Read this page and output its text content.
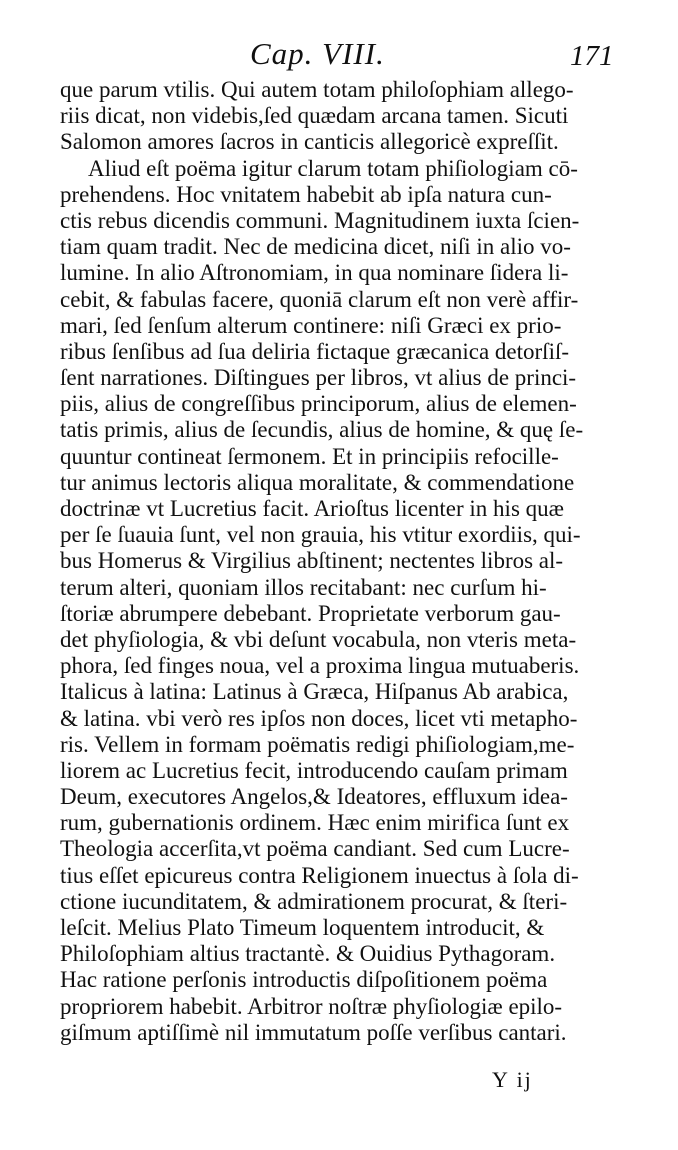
Cap. VIII.	171
que parum vtilis. Qui autem totam philoſophiam allego-
riis dicat, non videbis,ſed quædam arcana tamen. Sicuti
Salomon amores ſacros in canticis allegoricè expreſſit.
Aliud eſt poëma igitur clarum totam phiſiologiam cō-
prehendens. Hoc vnitatem habebit ab ipſa natura cun-
ctis rebus dicendis communi. Magnitudinem iuxta ſcien-
tiam quam tradit. Nec de medicina dicet, niſi in alio vo-
lumine. In alio Aſtronomiam, in qua nominare ſidera li-
cebit, & fabulas facere, quoniā clarum eſt non verè affir-
mari, ſed ſenſum alterum continere: niſi Græci ex prio-
ribus ſenſibus ad ſua deliria fictaque græcanica detorſiſ-
ſent narrationes. Diſtingues per libros, vt alius de princi-
piis, alius de congreſſibus principorum, alius de elemen-
tatis primis, alius de ſecundis, alius de homine, & quę ſe-
quuntur contineat ſermonem. Et in principiis refocille-
tur animus lectoris aliqua moralitate, & commendatione
doctrinæ vt Lucretius facit. Arioſtus licenter in his quæ
per ſe ſuauia ſunt, vel non grauia, his vtitur exordiis, qui-
bus Homerus & Virgilius abſtinent; nectentes libros al-
terum alteri, quoniam illos recitabant: nec curſum hi-
ſtoriæ abrumpere debebant. Proprietate verborum gau-
det phyſiologia, & vbi deſunt vocabula, non vteris meta-
phora, ſed finges noua, vel a proxima lingua mutuaberis.
Italicus à latina: Latinus à Græca, Hiſpanus Ab arabica,
& latina. vbi verò res ipſos non doces, licet vti metapho-
ris. Vellem in formam poëmatis redigi phiſiologiam,me-
liorem ac Lucretius fecit, introducendo cauſam primam
Deum, executores Angelos,& Ideatores, effluxum idea-
rum, gubernationis ordinem. Hæc enim mirifica ſunt ex
Theologia accerſita,vt poëma candiant. Sed cum Lucre-
tius eſſet epicureus contra Religionem inuectus à ſola di-
ctione iucunditatem, & admirationem procurat, & ſteri-
leſcit. Melius Plato Timeum loquentem introducit, &
Philoſophiam altius tractantè. & Ouidius Pythagoram.
Hac ratione perſonis introductis diſpoſitionem poëma
propriorem habebit. Arbitror noſtræ phyſiologiæ epilo-
giſmum aptiſſimè nil immutatum poſſe verſibus cantari.
Y ij
